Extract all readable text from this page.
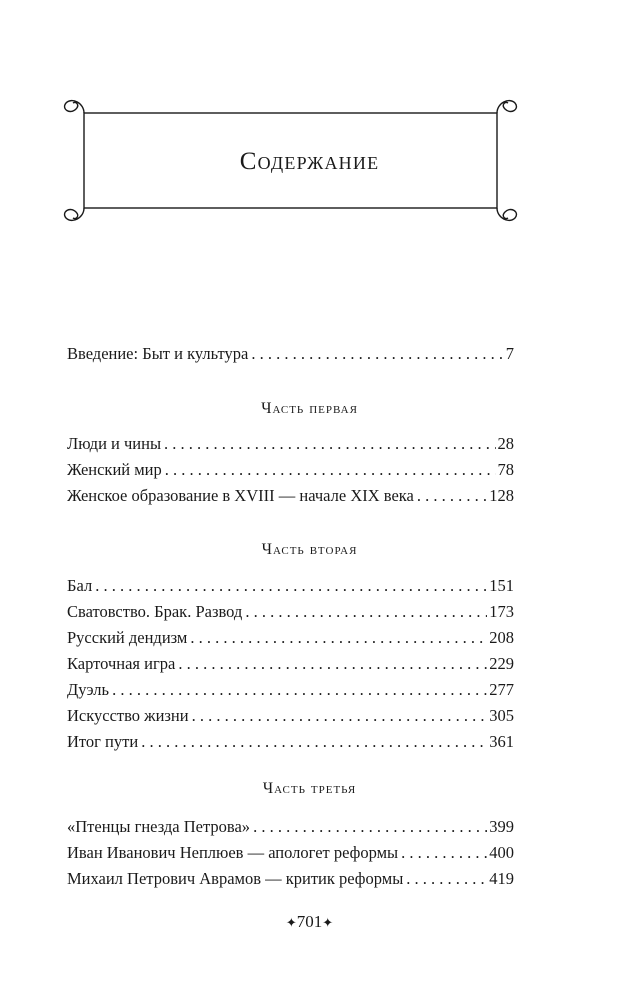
Содержание
Введение: Быт и культура . . .	7
Часть первая
Люди и чины . . .	28
Женский мир . . .	78
Женское образование в XVIII — начале XIX века . . .	128
Часть вторая
Бал . . .	151
Сватовство. Брак. Развод . . .	173
Русский дендизм . . .	208
Карточная игра . . .	229
Дуэль . . .	277
Искусство жизни . . .	305
Итог пути . . .	361
Часть третья
«Птенцы гнезда Петрова» . . .	399
Иван Иванович Неплюев — апологет реформы . . .	400
Михаил Петрович Аврамов — критик реформы . . .	419
✦701✦
